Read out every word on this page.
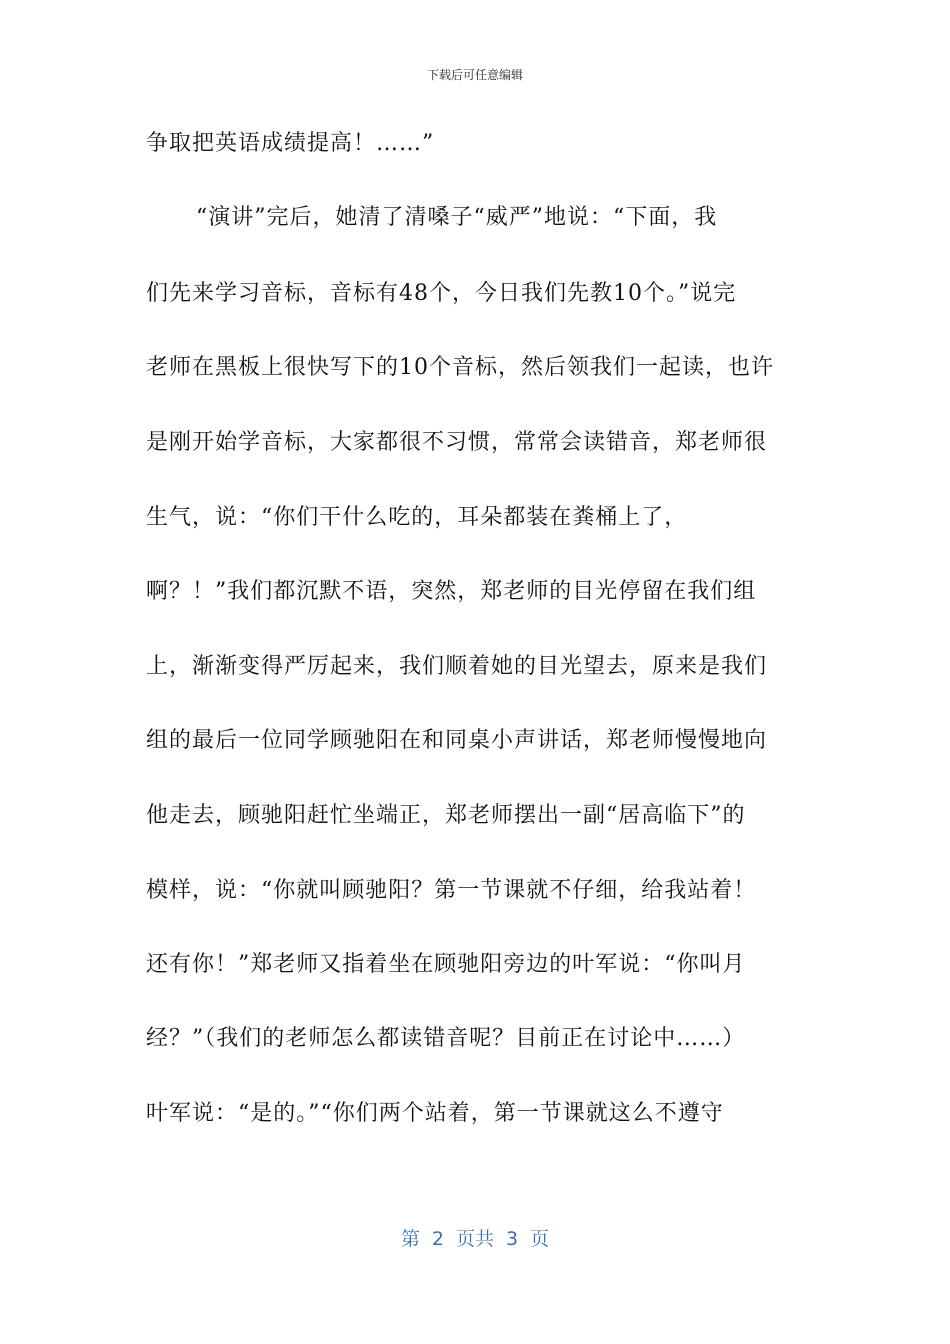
下载后可任意编辑
争取把英语成绩提高！……”
“演讲”完后，她清了清嗓子“威严”地说：“下面，我
们先来学习音标，音标有48个，今日我们先教10个。”说完
老师在黑板上很快写下的10个音标，然后领我们一起读，也许
是刚开始学音标，大家都很不习惯，常常会读错音，郑老师很
生气，说：“你们干什么吃的，耳朵都装在粪桶上了，
啊？！”我们都沉默不语，突然，郑老师的目光停留在我们组
上，渐渐变得严厉起来，我们顺着她的目光望去，原来是我们
组的最后一位同学顾驰阳在和同桌小声讲话，郑老师慢慢地向
他走去，顾驰阳赶忙坐端正，郑老师摆出一副“居高临下”的
模样，说：“你就叫顾驰阳？第一节课就不仔细，给我站着！
还有你！”郑老师又指着坐在顾驰阳旁边的叶军说：“你叫月
经？”（我们的老师怎么都读错音呢？目前正在讨论中……）
叶军说：“是的。”“你们两个站着，第一节课就这么不遵守
第 2 页共 3 页
